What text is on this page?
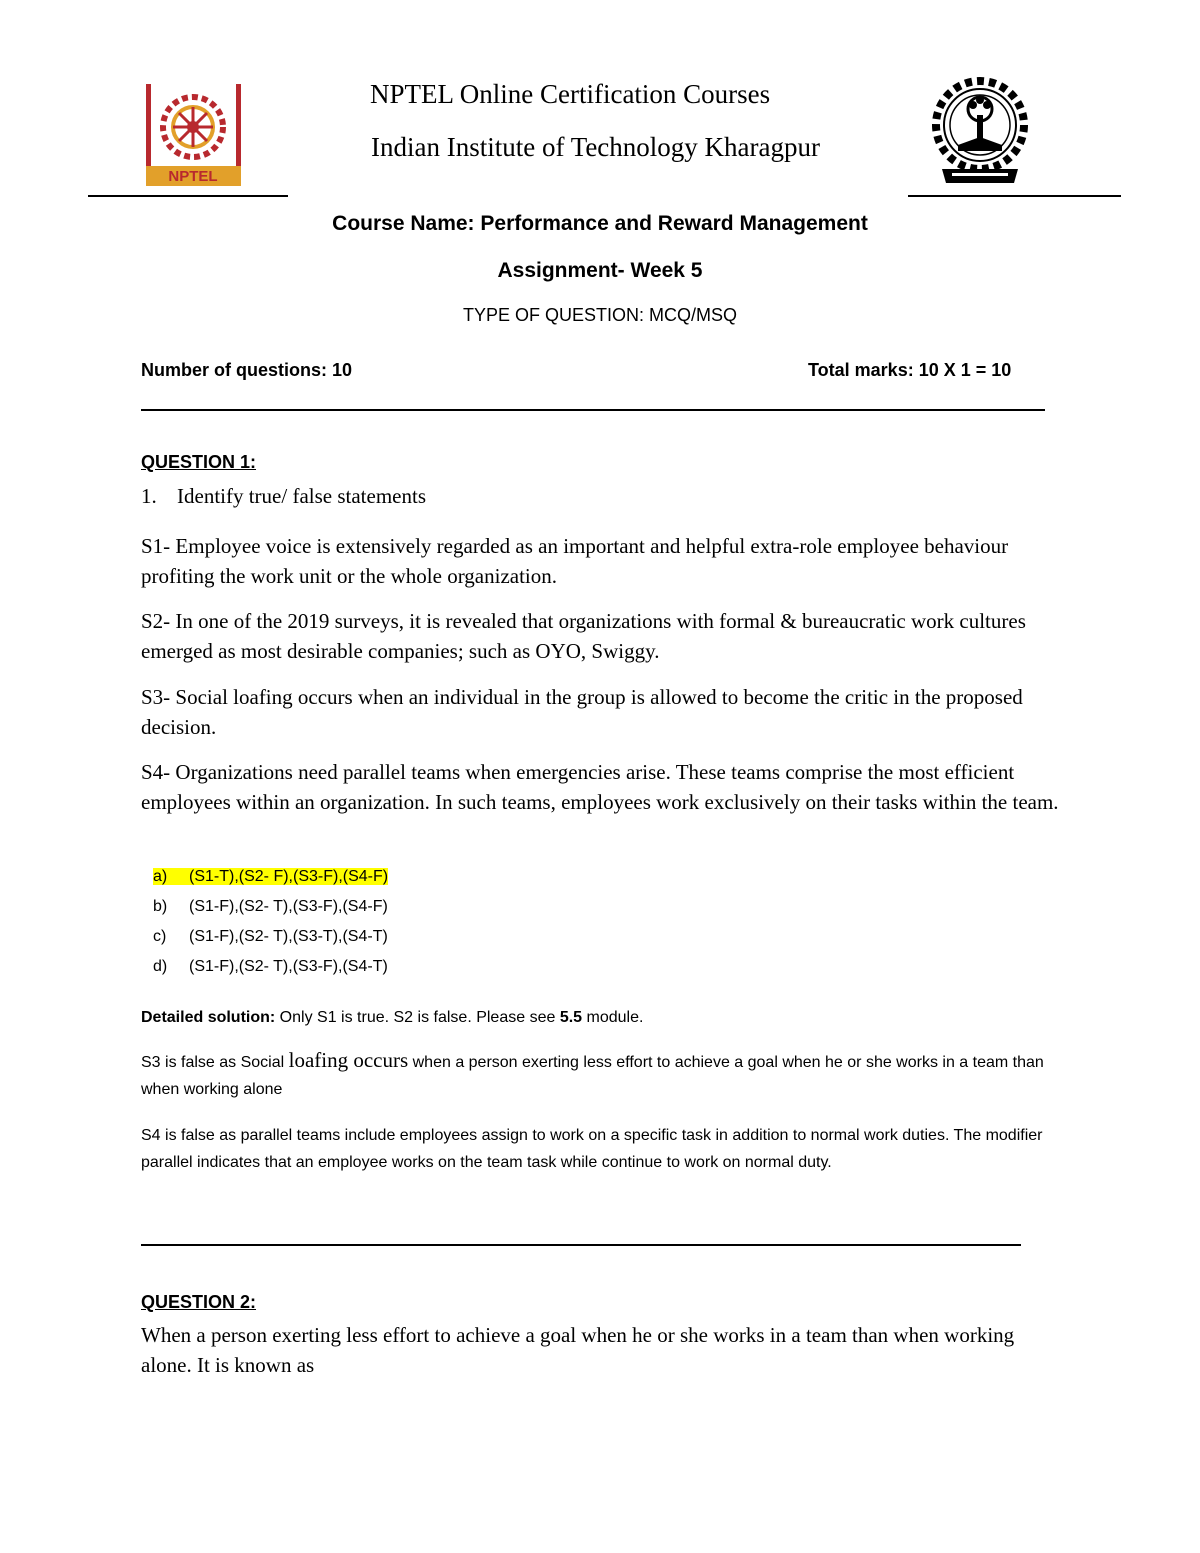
NPTEL
NPTEL Online Certification Courses
Indian Institute of Technology Kharagpur
Course Name: Performance and Reward Management
Assignment- Week 5
TYPE OF QUESTION: MCQ/MSQ
Number of questions: 10	Total marks: 10 X 1 = 10
QUESTION 1:
1. Identify true/ false statements
S1- Employee voice is extensively regarded as an important and helpful extra-role employee behaviour profiting the work unit or the whole organization.
S2- In one of the 2019 surveys, it is revealed that organizations with formal & bureaucratic work cultures emerged as most desirable companies; such as OYO, Swiggy.
S3- Social loafing occurs when an individual in the group is allowed to become the critic in the proposed decision.
S4- Organizations need parallel teams when emergencies arise. These teams comprise the most efficient employees within an organization. In such teams, employees work exclusively on their tasks within the team.
a) (S1-T),(S2- F),(S3-F),(S4-F)
b) (S1-F),(S2- T),(S3-F),(S4-F)
c) (S1-F),(S2- T),(S3-T),(S4-T)
d) (S1-F),(S2- T),(S3-F),(S4-T)
Detailed solution: Only S1 is true. S2 is false. Please see 5.5 module.
S3 is false as Social loafing occurs when a person exerting less effort to achieve a goal when he or she works in a team than when working alone
S4 is false as parallel teams include employees assign to work on a specific task in addition to normal work duties. The modifier parallel indicates that an employee works on the team task while continue to work on normal duty.
QUESTION 2:
When a person exerting less effort to achieve a goal when he or she works in a team than when working alone. It is known as
